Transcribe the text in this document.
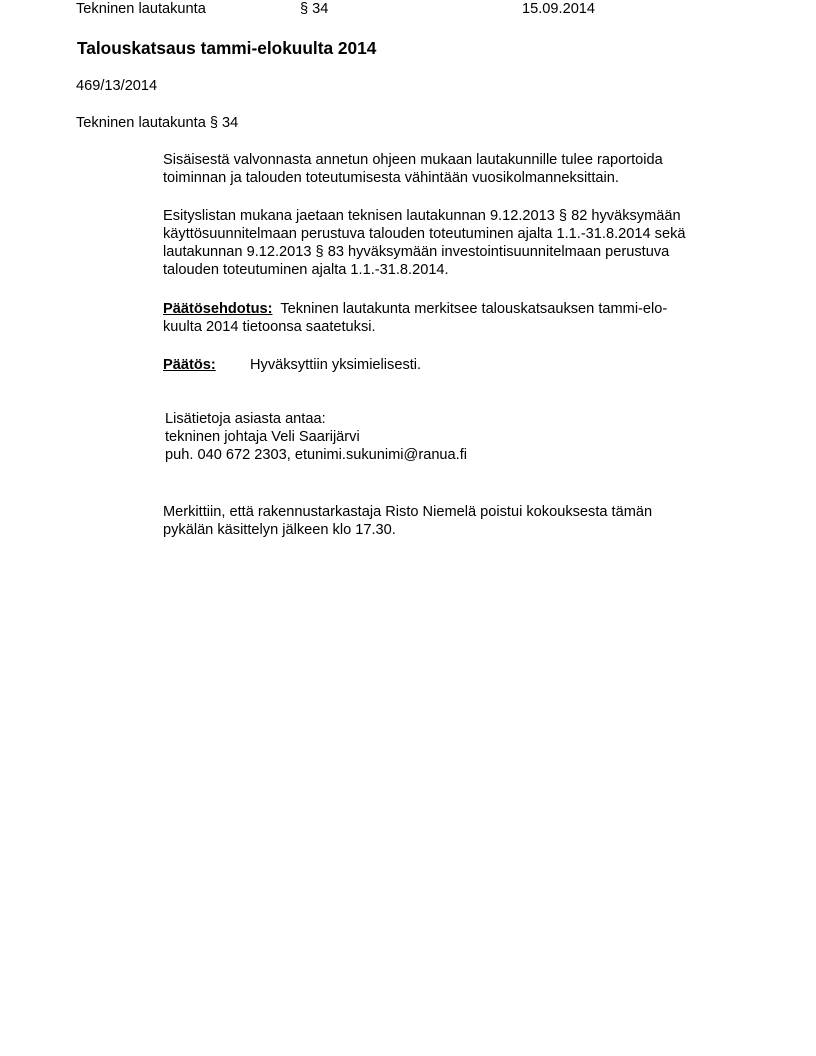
Tekninen lautakunta	§ 34	15.09.2014
Talouskatsaus tammi-elokuulta 2014
469/13/2014
Tekninen lautakunta § 34
Sisäisestä valvonnasta annetun ohjeen mukaan lautakunnille tulee raportoida
toiminnan ja talouden toteutumisesta vähintään vuosikolmanneksittain.
Esityslistan mukana jaetaan teknisen lautakunnan 9.12.2013 § 82 hyväksymään
käyttösuunnitelmaan perustuva talouden toteutuminen ajalta 1.1.-31.8.2014 sekä
lautakunnan 9.12.2013 § 83 hyväksymään investointisuunnitelmaan perustuva
talouden toteutuminen ajalta 1.1.-31.8.2014.
Päätösehdotus: Tekninen lautakunta merkitsee talouskatsauksen tammi-elo-
kuulta 2014 tietoonsa saatetuksi.
Päätös: Hyväksyttiin yksimielisesti.
Lisätietoja asiasta antaa:
tekninen johtaja Veli Saarijärvi
puh. 040 672 2303, etunimi.sukunimi@ranua.fi
Merkittiin, että rakennustarkastaja Risto Niemelä poistui kokouksesta tämän
pykälän käsittelyn jälkeen klo 17.30.
